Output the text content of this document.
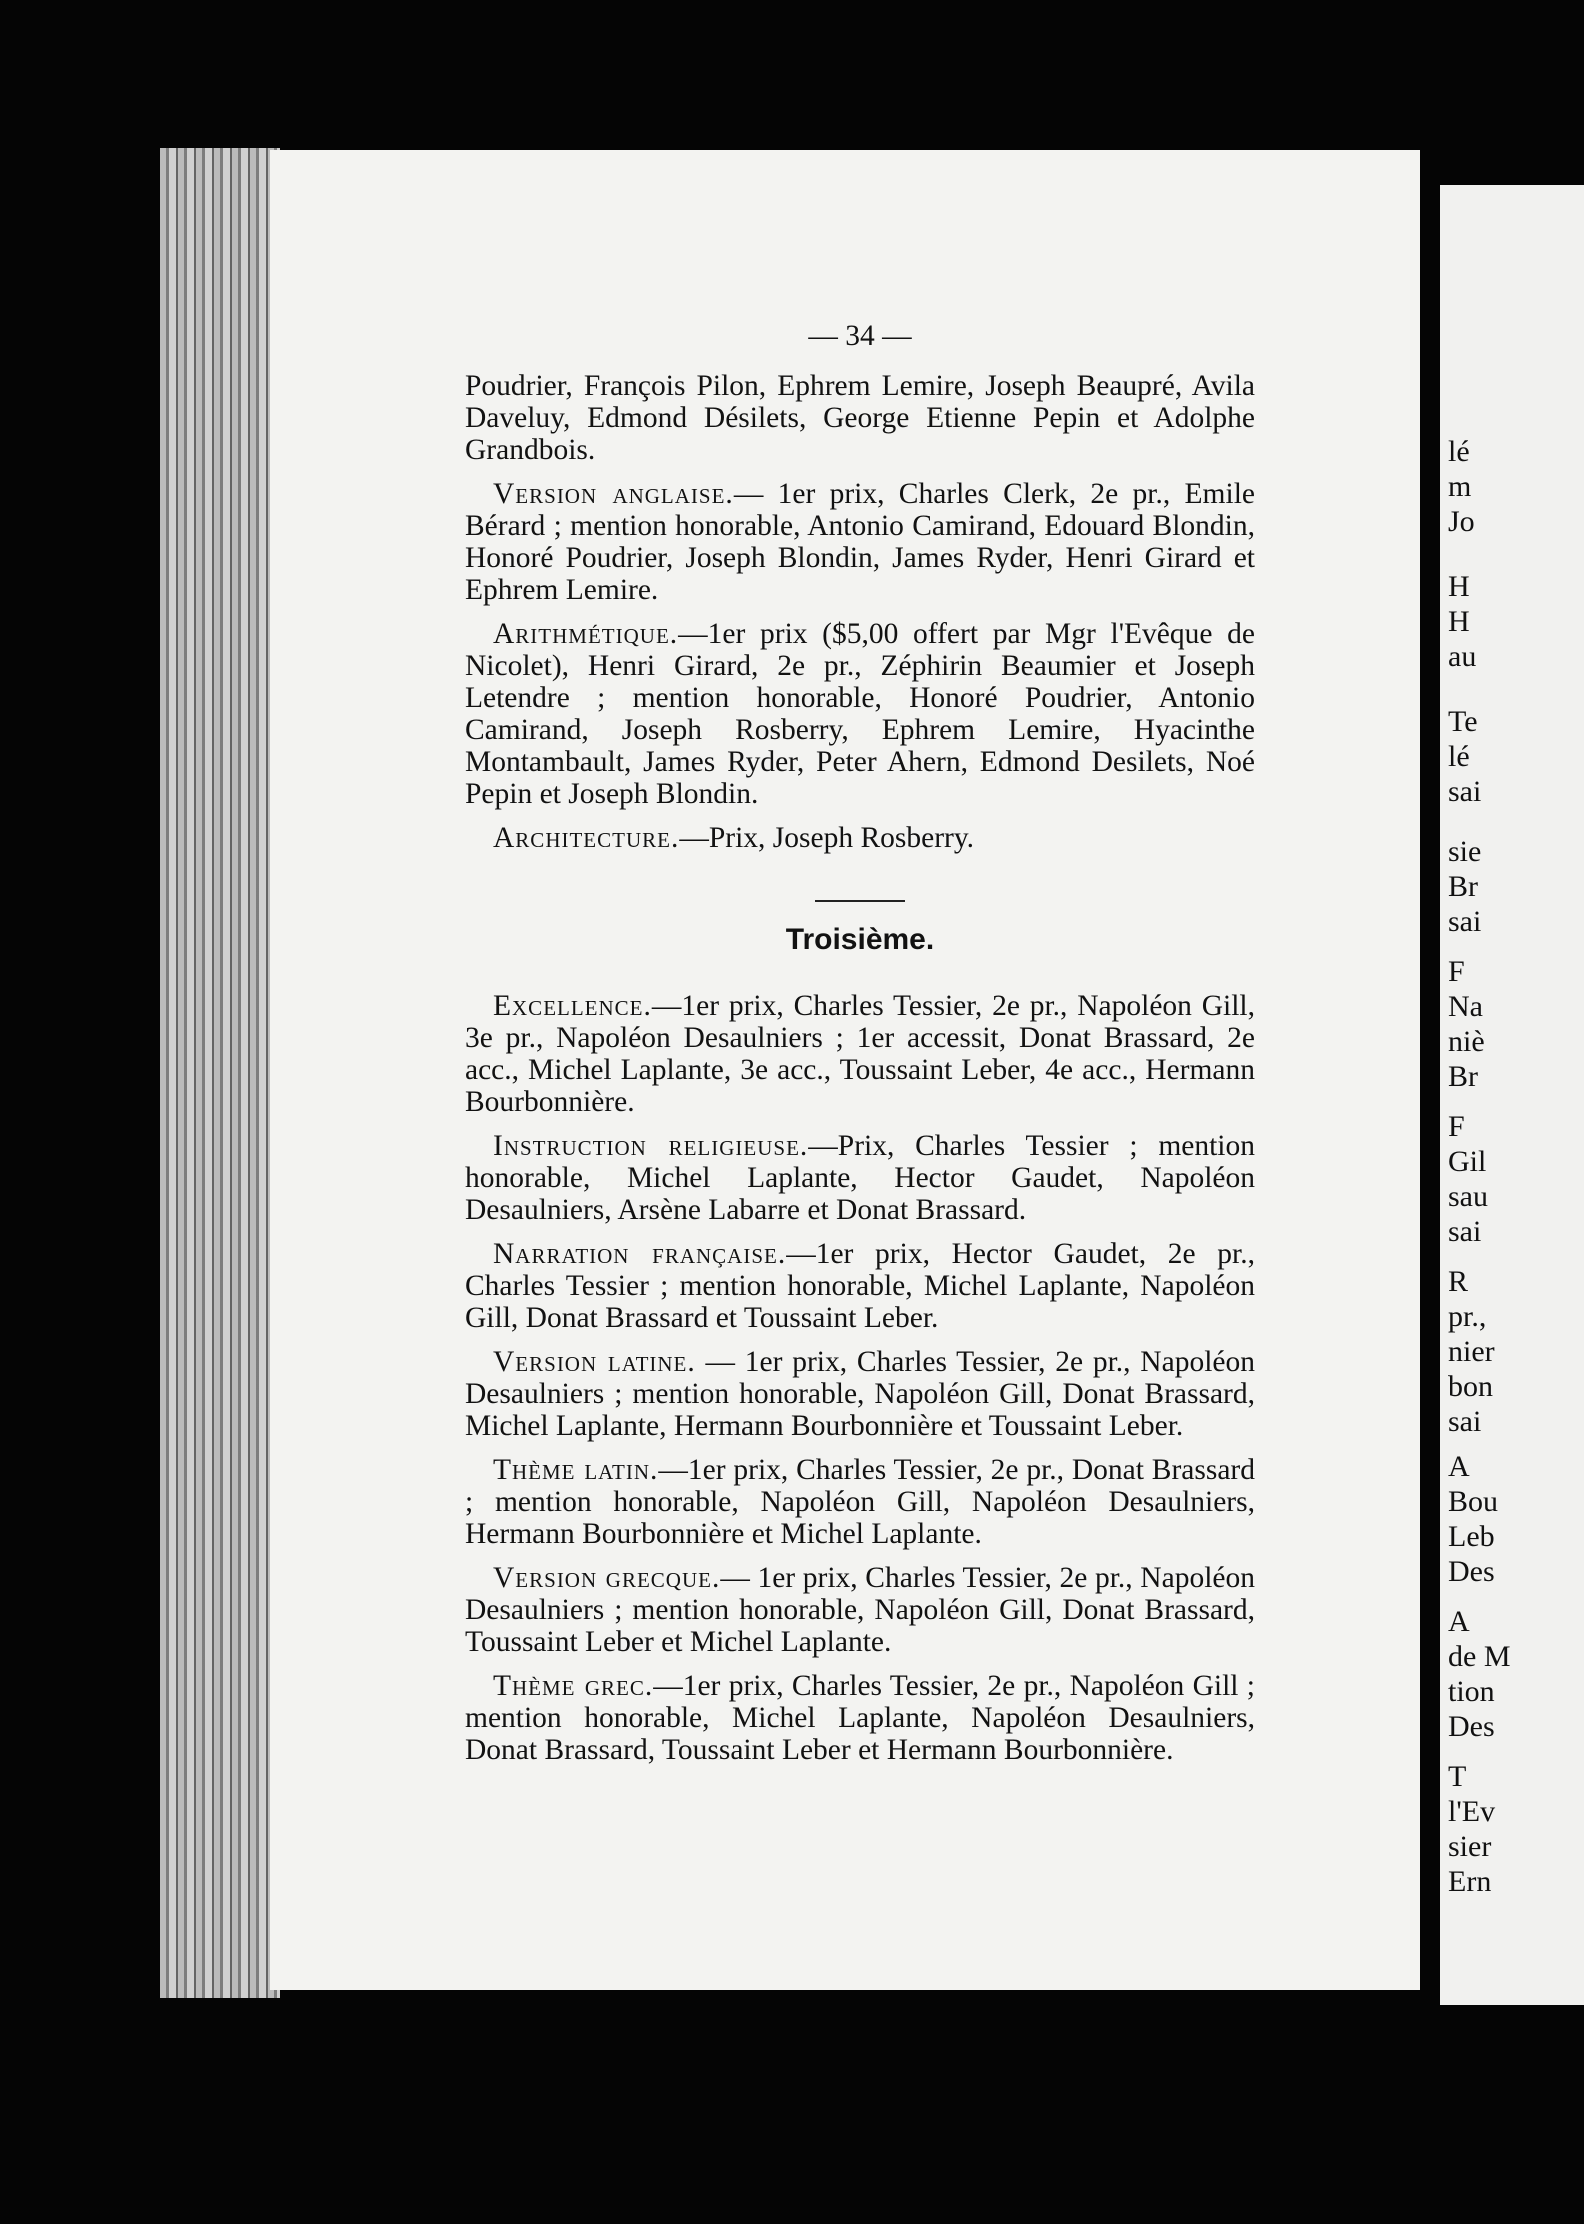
lé
m
Jo
H
H
au
Te
lé
sai
sie
Br
sai
F
Na
niè
Br
F
Gil
sau
sai
R
pr.,
nier
bon
sai
A
Bou
Leb
Des
A
de M
tion
Des
T
l'Ev
sier
Ern
— 34 —

Poudrier, François Pilon, Ephrem Lemire, Joseph Beaupré, Avila Daveluy, Edmond Désilets, George Etienne Pepin et Adolphe Grandbois.

Version anglaise.— 1er prix, Charles Clerk, 2e pr., Emile Bérard ; mention honorable, Antonio Camirand, Edouard Blondin, Honoré Poudrier, Joseph Blondin, James Ryder, Henri Girard et Ephrem Lemire.

Arithmétique.—1er prix ($5,00 offert par Mgr l'Evêque de Nicolet), Henri Girard, 2e pr., Zéphirin Beaumier et Joseph Letendre ; mention honorable, Honoré Poudrier, Antonio Camirand, Joseph Rosberry, Ephrem Lemire, Hyacinthe Montambault, James Ryder, Peter Ahern, Edmond Desilets, Noé Pepin et Joseph Blondin.

Architecture.—Prix, Joseph Rosberry.

Troisième.

Excellence.—1er prix, Charles Tessier, 2e pr., Napoléon Gill, 3e pr., Napoléon Desaulniers ; 1er accessit, Donat Brassard, 2e acc., Michel Laplante, 3e acc., Toussaint Leber, 4e acc., Hermann Bourbonnière.

Instruction religieuse.—Prix, Charles Tessier ; mention honorable, Michel Laplante, Hector Gaudet, Napoléon Desaulniers, Arsène Labarre et Donat Brassard.

Narration française.—1er prix, Hector Gaudet, 2e pr., Charles Tessier ; mention honorable, Michel Laplante, Napoléon Gill, Donat Brassard et Toussaint Leber.

Version latine. — 1er prix, Charles Tessier, 2e pr., Napoléon Desaulniers ; mention honorable, Napoléon Gill, Donat Brassard, Michel Laplante, Hermann Bourbonnière et Toussaint Leber.

Thème latin.—1er prix, Charles Tessier, 2e pr., Donat Brassard ; mention honorable, Napoléon Gill, Napoléon Desaulniers, Hermann Bourbonnière et Michel Laplante.

Version grecque.— 1er prix, Charles Tessier, 2e pr., Napoléon Desaulniers ; mention honorable, Napoléon Gill, Donat Brassard, Toussaint Leber et Michel Laplante.

Thème grec.—1er prix, Charles Tessier, 2e pr., Napoléon Gill ; mention honorable, Michel Laplante, Napoléon Desaulniers, Donat Brassard, Toussaint Leber et Hermann Bourbonnière.
